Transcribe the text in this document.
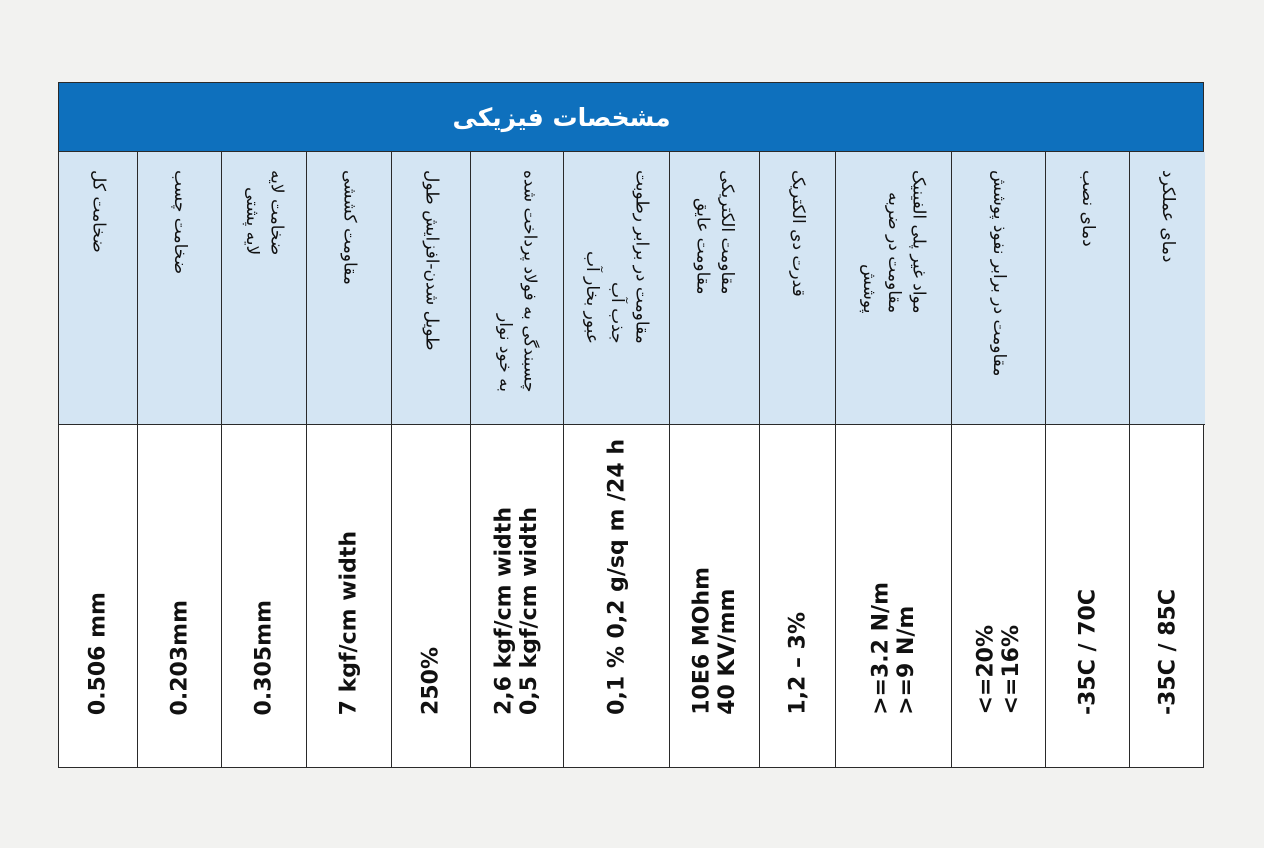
مشخصات فیزیکی
ضخامت کل
0.506 mm
ضخامت چسب
0.203mm
ضخامت لایه
لایه پشتی
0.305mm
مقاومت کششی
7 kgf/cm width
طویل شدن-افزایش طول
250%
چسبندگی به فولاد پرداخت شده
به خود نوار
2,6 kgf/cm width 0,5 kgf/cm width
مقاومت در برابر رطوبت
جذب آب
عبور بخار آب
0,1 % 0,2 g/sq m /24 h
مقاومت الکتریکی
مقاومت عایق
10E6 MOhm 40 KV/mm
قدرت دی الکتریک
1,2 – 3%
مواد غیر پلی الفینیک
مقاومت در ضربه
پوشش
>=3.2 N/m >=9 N/m
مقاومت در برابر نفوذ پوشش
<=20% <=16%
دمای نصب
-35C / 70C
دمای عملکرد
-35C / 85C
